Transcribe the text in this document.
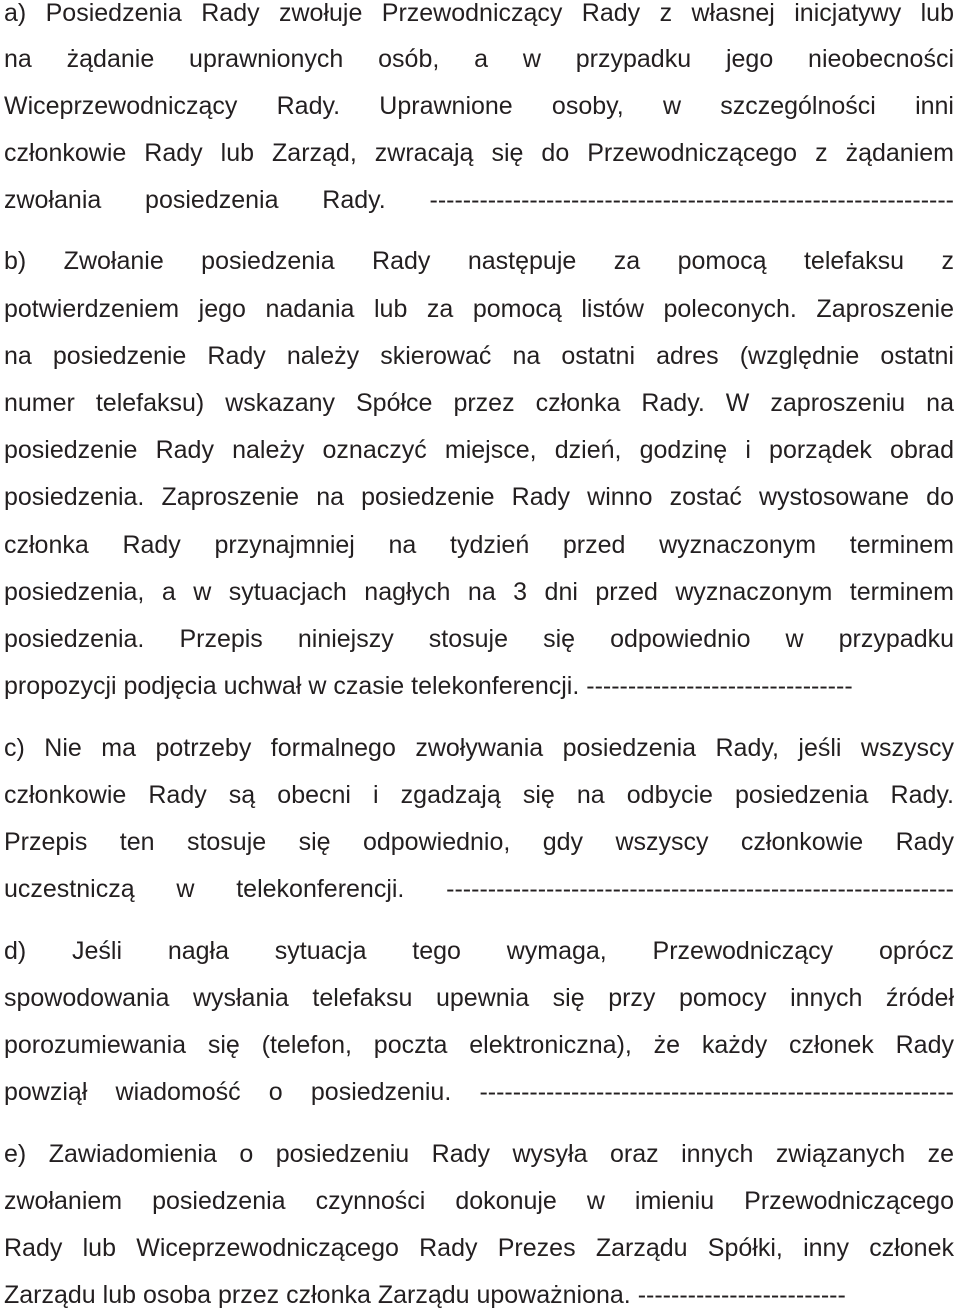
a) Posiedzenia Rady zwołuje Przewodniczący Rady z własnej inicjatywy lub
na żądanie uprawnionych osób, a w przypadku jego nieobecności
Wiceprzewodniczący Rady. Uprawnione osoby, w szczególności inni
członkowie Rady lub Zarząd, zwracają się do Przewodniczącego z żądaniem
zwołania posiedzenia Rady. ---------------------------------------------------------------
b) Zwołanie posiedzenia Rady następuje za pomocą telefaksu z
potwierdzeniem jego nadania lub za pomocą listów poleconych. Zaproszenie
na posiedzenie Rady należy skierować na ostatni adres (względnie ostatni
numer telefaksu) wskazany Spółce przez członka Rady. W zaproszeniu na
posiedzenie Rady należy oznaczyć miejsce, dzień, godzinę i porządek obrad
posiedzenia. Zaproszenie na posiedzenie Rady winno zostać wystosowane do
członka Rady przynajmniej na tydzień przed wyznaczonym terminem
posiedzenia, a w sytuacjach nagłych na 3 dni przed wyznaczonym terminem
posiedzenia. Przepis niniejszy stosuje się odpowiednio w przypadku
propozycji podjęcia uchwał w czasie telekonferencji. --------------------------------
c) Nie ma potrzeby formalnego zwoływania posiedzenia Rady, jeśli wszyscy
członkowie Rady są obecni i zgadzają się na odbycie posiedzenia Rady.
Przepis ten stosuje się odpowiednio, gdy wszyscy członkowie Rady
uczestniczą w telekonferencji. -------------------------------------------------------------
d) Jeśli nagła sytuacja tego wymaga, Przewodniczący oprócz
spowodowania wysłania telefaksu upewnia się przy pomocy innych źródeł
porozumiewania się (telefon, poczta elektroniczna), że każdy członek Rady
powziął wiadomość o posiedzeniu. ---------------------------------------------------------
e) Zawiadomienia o posiedzeniu Rady wysyła oraz innych związanych ze
zwołaniem posiedzenia czynności dokonuje w imieniu Przewodniczącego
Rady lub Wiceprzewodniczącego Rady Prezes Zarządu Spółki, inny członek
Zarządu lub osoba przez członka Zarządu upoważniona. -------------------------
